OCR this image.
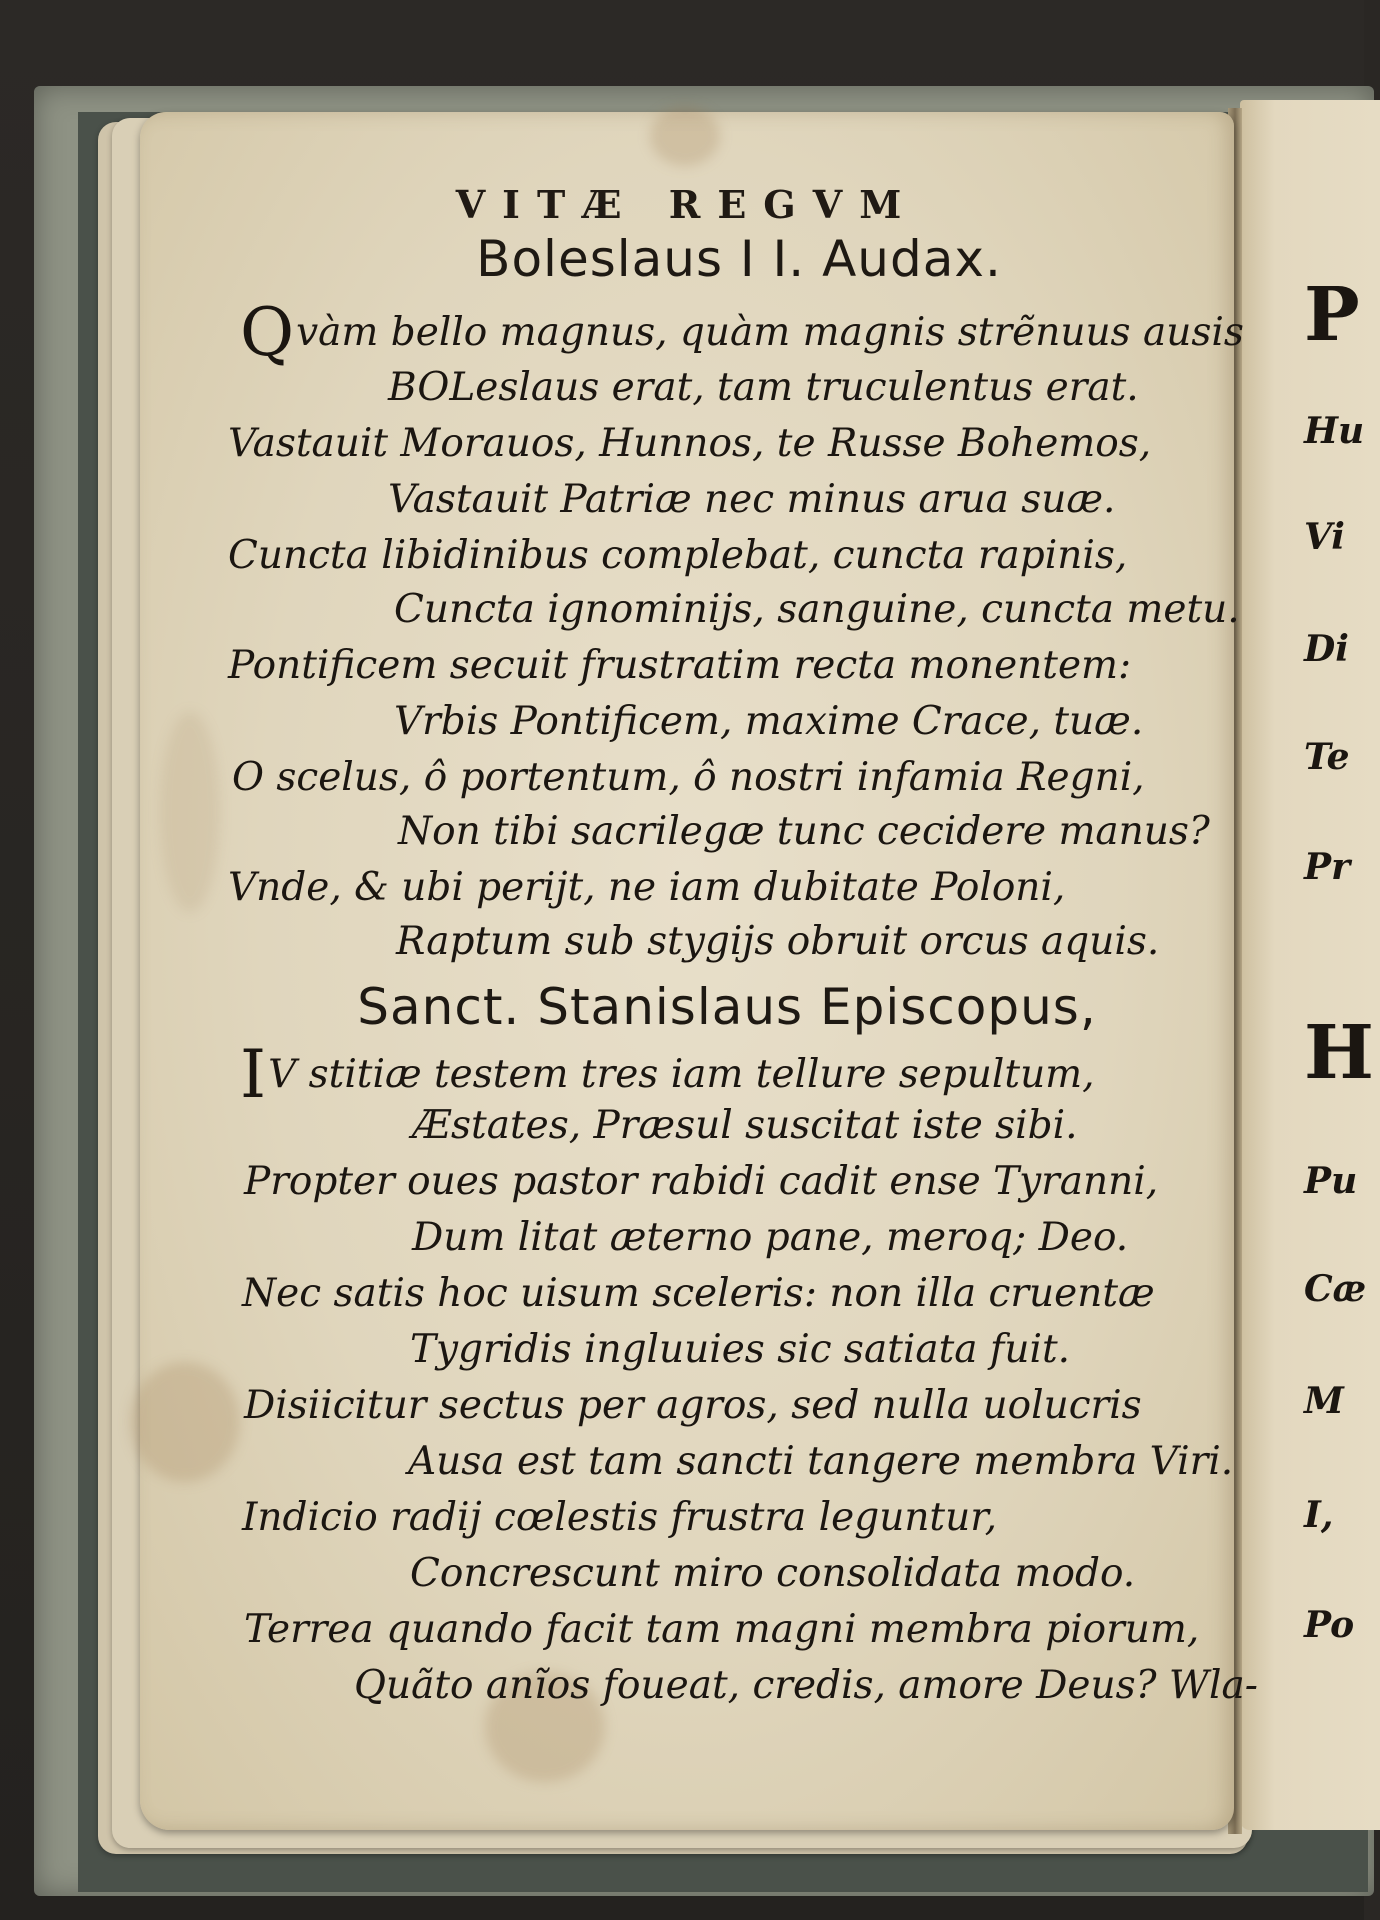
VITÆ REGVM
Boleslaus I I. Audax.
Qvàm bello magnus, quàm magnis strẽnuus ausis
BOLeslaus erat, tam truculentus erat.
Vastauit Morauos, Hunnos, te Russe Bohemos,
Vastauit Patriæ nec minus arua suæ.
Cuncta libidinibus complebat, cuncta rapinis,
Cuncta ignominijs, sanguine, cuncta metu.
Pontificem secuit frustratim recta monentem:
Vrbis Pontificem, maxime Crace, tuæ.
O scelus, ô portentum, ô nostri infamia Regni,
Non tibi sacrilegæ tunc cecidere manus?
Vnde, & ubi perijt, ne iam dubitate Poloni,
Raptum sub stygijs obruit orcus aquis.
Sanct. Stanislaus Episcopus,
IV stitiæ testem tres iam tellure sepultum,
Æstates, Præsul suscitat iste sibi.
Propter oues pastor rabidi cadit ense Tyranni,
Dum litat æterno pane, meroq; Deo.
Nec satis hoc uisum sceleris: non illa cruentæ
Tygridis ingluuies sic satiata fuit.
Disiicitur sectus per agros, sed nulla uolucris
Ausa est tam sancti tangere membra Viri.
Indicio radij cœlestis frustra leguntur,
Concrescunt miro consolidata modo.
Terrea quando facit tam magni membra piorum,
Quãto anĩos foueat, credis, amore Deus? Wla-
P
Hu
Vi
Di
Te
Pr
H
Pu
Cæ
M
I,
Po
